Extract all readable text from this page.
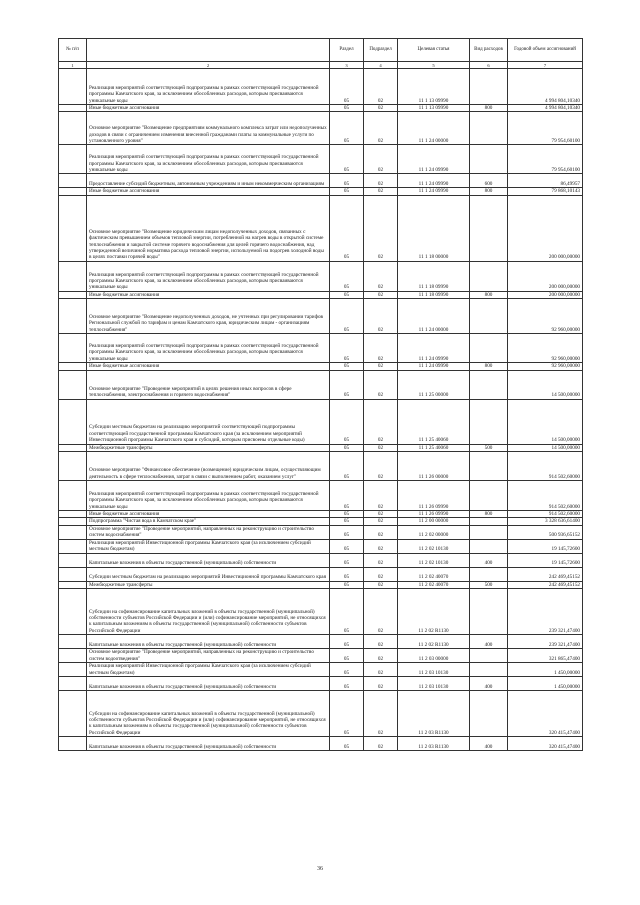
№ п/п		Раздел	Подраздел	Целевая статья	Вид расходов	Годовой объем ассигнований
1	2	3	4	5	6	7
	Реализация мероприятий соответствующей подпрограммы в рамках соответствующей государственной программы Камчатского края, за исключением обособленных расходов, которым присваиваются уникальные коды	05	02	11 1 13 09990		4 994 804,10340
	Иные бюджетные ассигнования	05	02	11 1 13 09990	800	4 994 804,10340
	Основное мероприятие "Возмещение предприятиям коммунального комплекса затрат или недополученных доходов в связи с ограничением изменения внесенной гражданами платы за коммунальные услуги по установленного уровня"	05	02	11 1 24 00000		79 954,60100
	Реализация мероприятий соответствующей подпрограммы в рамках соответствующей государственной программы Камчатского края, за исключением обособленных расходов, которым присваиваются уникальные коды	05	02	11 1 24 09990		79 954,60100
	Предоставление субсидий бюджетным, автономным учреждениям и иным некоммерческим организациям	05	02	11 1 24 09990	600	86,49957
	Иные бюджетные ассигнования	05	02	11 1 24 09990	800	79 868,10143
	Основное мероприятие "Возмещение юридическим лицам недополученных доходов, связанных с фактическим превышением объемов тепловой энергии, потребленной на нагрев воды в открытой системе теплоснабжения и закрытой системе горячего водоснабжения для целей горячего водоснабжения, над утвержденной величиной норматива расхода тепловой энергии, используемой на подогрев холодной воды в целях поставки горячей воды"	05	02	11 1 18 00000		200 000,00000
	Реализация мероприятий соответствующей подпрограммы в рамках соответствующей государственной программы Камчатского края, за исключением обособленных расходов, которым присваиваются уникальные коды	05	02	11 1 18 09990		200 000,00000
	Иные бюджетные ассигнования	05	02	11 1 18 09990	800	200 000,00000
	Основное мероприятие "Возмещение недополученных доходов, не учтенных при регулировании тарифов Региональной службой по тарифам и ценам Камчатского края, юридическим лицам - организациям теплоснабжения"	05	02	11 1 24 00000		92 960,00000
	Реализация мероприятий соответствующей подпрограммы в рамках соответствующей государственной программы Камчатского края, за исключением обособленных расходов, которым присваиваются уникальные коды	05	02	11 1 24 09990		92 960,00000
	Иные бюджетные ассигнования	05	02	11 1 24 09990	800	92 960,00000
	Основное мероприятие "Проведение мероприятий в целях решения иных вопросов в сфере теплоснабжения, электроснабжения и горячего водоснабжения"	05	02	11 1 25 00000		14 500,00000
	Субсидии местным бюджетам на реализацию мероприятий соответствующей подпрограммы соответствующей государственной программы Камчатского края (за исключением мероприятий Инвестиционной программы Камчатского края и субсидий, которым присвоены отдельные коды)	05	02	11 1 25 40060		14 500,00000
	Межбюджетные трансферты	05	02	11 1 25 40060	500	14 500,00000
	Основное мероприятие "Финансовое обеспечение (возмещение) юридическим лицам, осуществляющим деятельность в сфере теплоснабжения, затрат в связи с выполнением работ, оказанием услуг"	05	02	11 1 26 00000		914 502,60000
	Реализация мероприятий соответствующей подпрограммы в рамках соответствующей государственной программы Камчатского края, за исключением обособленных расходов, которым присваиваются уникальные коды	05	02	11 1 26 09990		914 502,60000
	Иные бюджетные ассигнования	05	02	11 1 26 09990	800	914 502,60000
	Подпрограмма "Чистая вода в Камчатском крае"	05	02	11 2 00 00000		3 328 636,61400
	Основное мероприятие "Проведение мероприятий, направленных на реконструкцию и строительство систем водоснабжения"	05	02	11 2 02 00000		500 936,65152
	Реализация мероприятий Инвестиционной программы Камчатского края (за исключением субсидий местным бюджетам)	05	02	11 2 02 10130		19 145,72600
	Капитальные вложения в объекты государственной (муниципальной) собственности	05	02	11 2 02 10130	400	19 145,72600
	Субсидии местным бюджетам на реализацию мероприятий Инвестиционной программы Камчатского края	05	02	11 2 02 40070		242 469,45152
	Межбюджетные трансферты	05	02	11 2 02 40070	500	242 469,45152
	Субсидии на софинансирование капитальных вложений в объекты государственной (муниципальной) собственности субъектов Российской Федерации и (или) софинансирование мероприятий, не относящихся к капитальным вложениям в объекты государственной (муниципальной) собственности субъектов Российской Федерации	05	02	11 2 02 R1130		239 321,47400
	Капитальные вложения в объекты государственной (муниципальной) собственности	05	02	11 2 02 R1130	400	239 321,47400
	Основное мероприятие "Проведение мероприятий, направленных на реконструкцию и строительство систем водоотведения"	05	02	11 2 03 00000		321 865,47400
	Реализация мероприятий Инвестиционной программы Камчатского края (за исключением субсидий местным бюджетам)	05	02	11 2 03 10130		1 450,00000
	Капитальные вложения в объекты государственной (муниципальной) собственности	05	02	11 2 03 10130	400	1 450,00000
	Субсидии на софинансирование капитальных вложений в объекты государственной (муниципальной) собственности субъектов Российской Федерации и (или) софинансирование мероприятий, не относящихся к капитальным вложениям в объекты государственной (муниципальной) собственности субъектов Российской Федерации	05	02	11 2 03 R1130		320 415,47400
	Капитальные вложения в объекты государственной (муниципальной) собственности	05	02	11 2 03 R1130	400	320 415,47400
36
